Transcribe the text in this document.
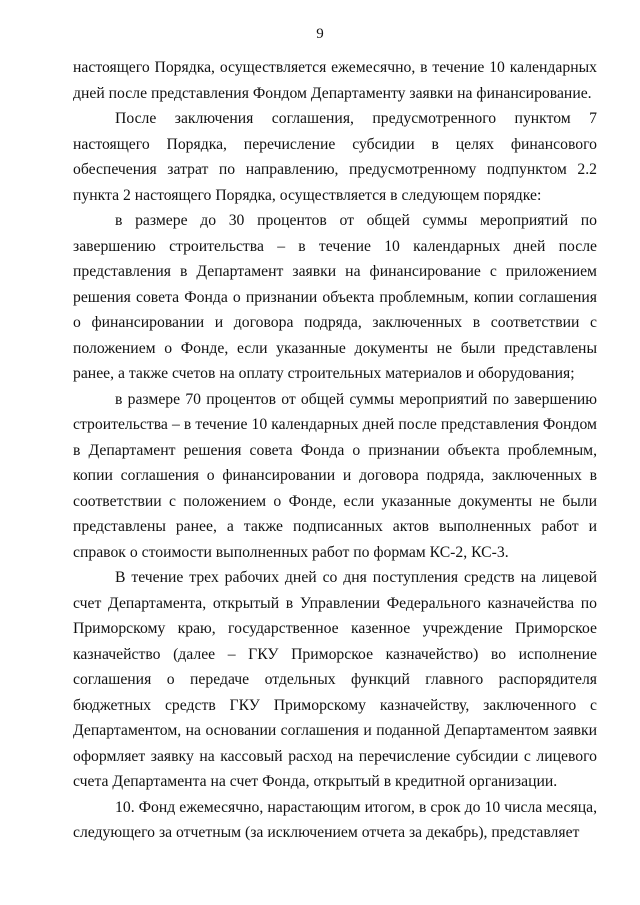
9

настоящего Порядка, осуществляется ежемесячно, в течение 10 календарных дней после представления Фондом Департаменту заявки на финансирование.

После заключения соглашения, предусмотренного пунктом 7 настоящего Порядка, перечисление субсидии в целях финансового обеспечения затрат по направлению, предусмотренному подпунктом 2.2 пункта 2 настоящего Порядка, осуществляется в следующем порядке:

в размере до 30 процентов от общей суммы мероприятий по завершению строительства – в течение 10 календарных дней после представления в Департамент заявки на финансирование с приложением решения совета Фонда о признании объекта проблемным, копии соглашения о финансировании и договора подряда, заключенных в соответствии с положением о Фонде, если указанные документы не были представлены ранее, а также счетов на оплату строительных материалов и оборудования;

в размере 70 процентов от общей суммы мероприятий по завершению строительства – в течение 10 календарных дней после представления Фондом в Департамент решения совета Фонда о признании объекта проблемным, копии соглашения о финансировании и договора подряда, заключенных в соответствии с положением о Фонде, если указанные документы не были представлены ранее, а также подписанных актов выполненных работ и справок о стоимости выполненных работ по формам КС-2, КС-3.

В течение трех рабочих дней со дня поступления средств на лицевой счет Департамента, открытый в Управлении Федерального казначейства по Приморскому краю, государственное казенное учреждение Приморское казначейство (далее – ГКУ Приморское казначейство) во исполнение соглашения о передаче отдельных функций главного распорядителя бюджетных средств ГКУ Приморскому казначейству, заключенного с Департаментом, на основании соглашения и поданной Департаментом заявки оформляет заявку на кассовый расход на перечисление субсидии с лицевого счета Департамента на счет Фонда, открытый в кредитной организации.

10. Фонд ежемесячно, нарастающим итогом, в срок до 10 числа месяца, следующего за отчетным (за исключением отчета за декабрь), представляет
